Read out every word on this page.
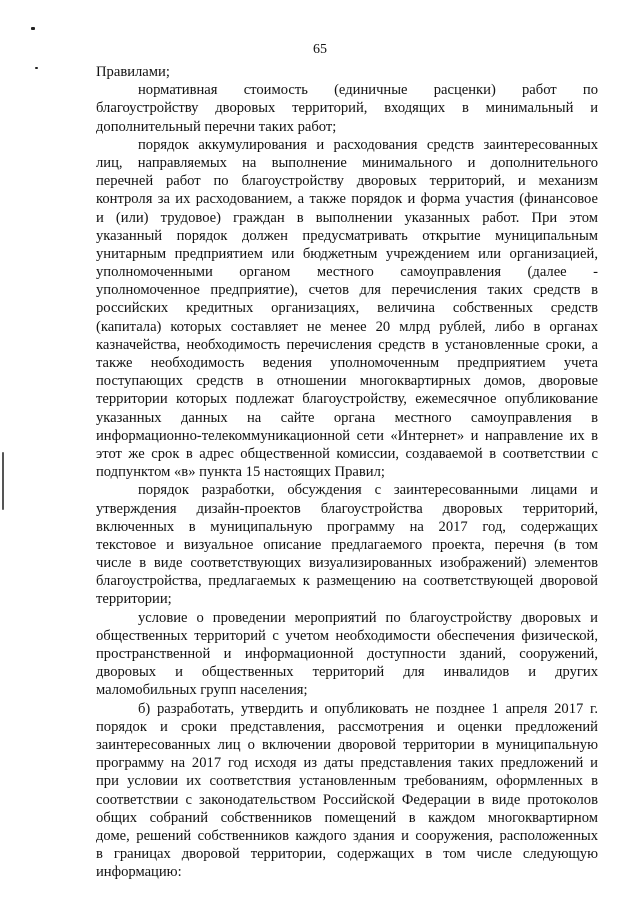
65
Правилами;
нормативная стоимость (единичные расценки) работ по
благоустройству дворовых территорий, входящих в минимальный и
дополнительный перечни таких работ;
порядок аккумулирования и расходования средств заинтересованных
лиц, направляемых на выполнение минимального и дополнительного
перечней работ по благоустройству дворовых территорий, и механизм
контроля за их расходованием, а также порядок и форма участия (финансовое
и (или) трудовое) граждан в выполнении указанных работ. При этом
указанный порядок должен предусматривать открытие муниципальным
унитарным предприятием или бюджетным учреждением или организацией,
уполномоченными органом местного самоуправления (далее -
уполномоченное предприятие), счетов для перечисления таких средств в
российских кредитных организациях, величина собственных средств
(капитала) которых составляет не менее 20 млрд рублей, либо в органах
казначейства, необходимость перечисления средств в установленные сроки, а
также необходимость ведения уполномоченным предприятием учета
поступающих средств в отношении многоквартирных домов, дворовые
территории которых подлежат благоустройству, ежемесячное опубликование
указанных данных на сайте органа местного самоуправления в
информационно-телекоммуникационной сети «Интернет» и направление их в
этот же срок в адрес общественной комиссии, создаваемой в соответствии с
подпунктом «в» пункта 15 настоящих Правил;
порядок разработки, обсуждения с заинтересованными лицами и
утверждения дизайн-проектов благоустройства дворовых территорий,
включенных в муниципальную программу на 2017 год, содержащих
текстовое и визуальное описание предлагаемого проекта, перечня (в том
числе в виде соответствующих визуализированных изображений) элементов
благоустройства, предлагаемых к размещению на соответствующей дворовой
территории;
условие о проведении мероприятий по благоустройству дворовых и
общественных территорий с учетом необходимости обеспечения физической,
пространственной и информационной доступности зданий, сооружений,
дворовых и общественных территорий для инвалидов и других
маломобильных групп населения;
б) разработать, утвердить и опубликовать не позднее 1 апреля 2017 г.
порядок и сроки представления, рассмотрения и оценки предложений
заинтересованных лиц о включении дворовой территории в муниципальную
программу на 2017 год исходя из даты представления таких предложений и
при условии их соответствия установленным требованиям, оформленных в
соответствии с законодательством Российской Федерации в виде протоколов
общих собраний собственников помещений в каждом многоквартирном
доме, решений собственников каждого здания и сооружения, расположенных
в границах дворовой территории, содержащих в том числе следующую
информацию:
